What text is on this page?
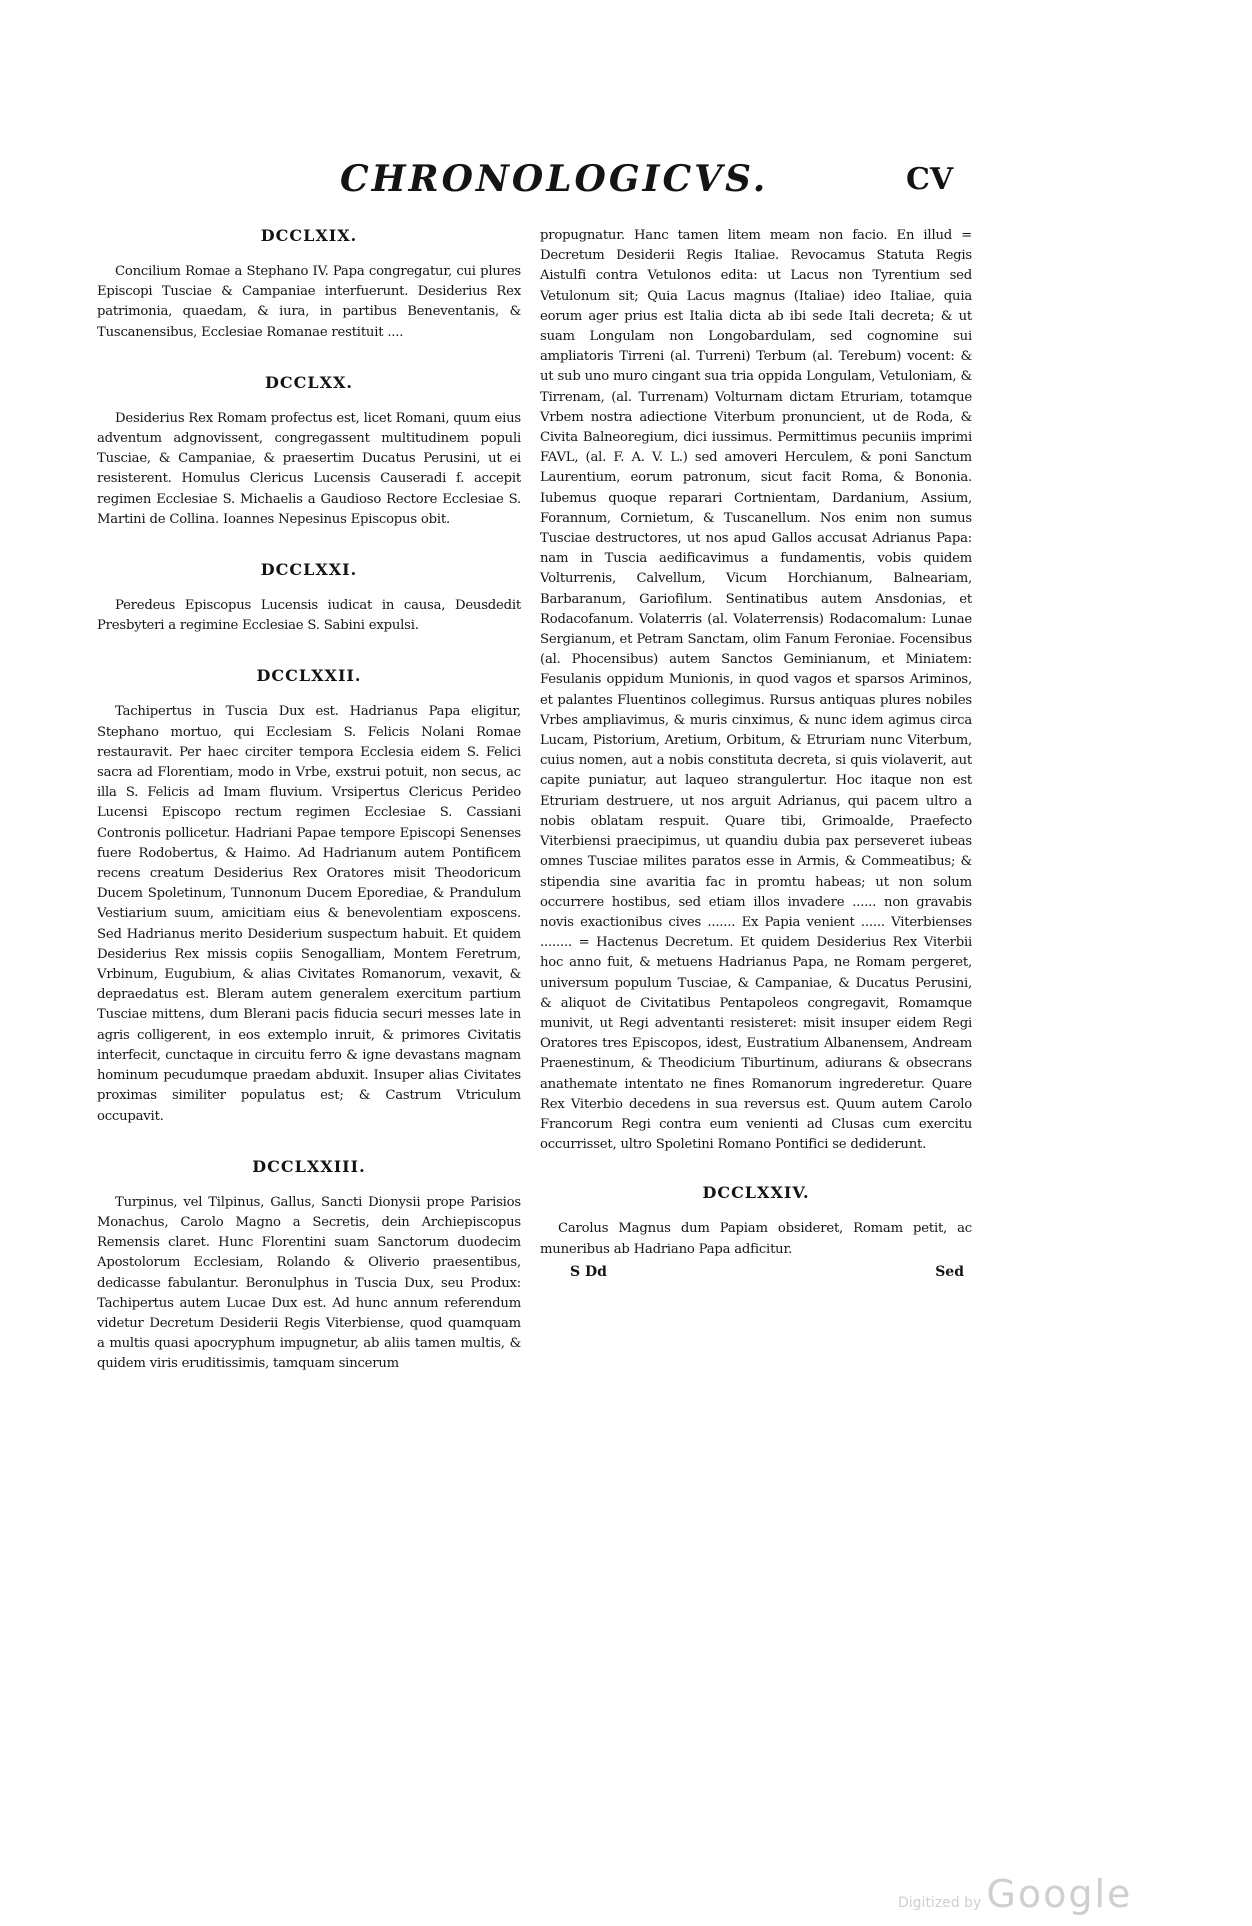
CHRONOLOGICVS.	CV
DCCLXIX.

Concilium Romae a Stephano IV. Papa congregatur, cui plures Episcopi Tusciae & Campaniae interfuerunt. Desiderius Rex patrimonia, quaedam, & iura, in partibus Beneventanis, & Tuscanensibus, Ecclesiae Romanae restituit ....

DCCLXX.

Desiderius Rex Romam profectus est, licet Romani, quum eius adventum adgnovissent, congregassent multitudinem populi Tusciae, & Campaniae, & praesertim Ducatus Perusini, ut ei resisterent. Homulus Clericus Lucensis Causeradi f. accepit regimen Ecclesiae S. Michaelis a Gaudioso Rectore Ecclesiae S. Martini de Collina. Ioannes Nepesinus Episcopus obit.

DCCLXXI.

Peredeus Episcopus Lucensis iudicat in causa, Deusdedit Presbyteri a regimine Ecclesiae S. Sabini expulsi.

DCCLXXII.

Tachipertus in Tuscia Dux est. Hadrianus Papa eligitur, Stephano mortuo, qui Ecclesiam S. Felicis Nolani Romae restauravit. Per haec circiter tempora Ecclesia eidem S. Felici sacra ad Florentiam, modo in Vrbe, exstrui potuit, non secus, ac illa S. Felicis ad Imam fluvium. Vrsipertus Clericus Perideo Lucensi Episcopo rectum regimen Ecclesiae S. Cassiani Contronis pollicetur. Hadriani Papae tempore Episcopi Senenses fuere Rodobertus, & Haimo. Ad Hadrianum autem Pontificem recens creatum Desiderius Rex Oratores misit Theodoricum Ducem Spoletinum, Tunnonum Ducem Eporediae, & Prandulum Vestiarium suum, amicitiam eius & benevolentiam exposcens. Sed Hadrianus merito Desiderium suspectum habuit. Et quidem Desiderius Rex missis copiis Senogalliam, Montem Feretrum, Vrbinum, Eugubium, & alias Civitates Romanorum, vexavit, & depraedatus est. Bleram autem generalem exercitum partium Tusciae mittens, dum Blerani pacis fiducia securi messes late in agris colligerent, in eos extemplo inruit, & primores Civitatis interfecit, cunctaque in circuitu ferro & igne devastans magnam hominum pecudumque praedam abduxit. Insuper alias Civitates proximas similiter populatus est; & Castrum Vtriculum occupavit.

DCCLXXIII.

Turpinus, vel Tilpinus, Gallus, Sancti Dionysii prope Parisios Monachus, Carolo Magno a Secretis, dein Archiepiscopus Remensis claret. Hunc Florentini suam Sanctorum duodecim Apostolorum Ecclesiam, Rolando & Oliverio praesentibus, dedicasse fabulantur. Beronulphus in Tuscia Dux, seu Produx: Tachipertus autem Lucae Dux est. Ad hunc annum referendum videtur Decretum Desiderii Regis Viterbiense, quod quamquam a multis quasi apocryphum impugnetur, ab aliis tamen multis, & quidem viris eruditissimis, tamquam sincerum

propugnatur. Hanc tamen litem meam non facio. En illud = Decretum Desiderii Regis Italiae. Revocamus Statuta Regis Aistulfi contra Vetulonos edita: ut Lacus non Tyrentium sed Vetulonum sit; Quia Lacus magnus (Italiae) ideo Italiae, quia eorum ager prius est Italia dicta ab ibi sede Itali decreta; & ut suam Longulam non Longobardulam, sed cognomine sui ampliatoris Tirreni (al. Turreni) Terbum (al. Terebum) vocent: & ut sub uno muro cingant sua tria oppida Longulam, Vetuloniam, & Tirrenam, (al. Turrenam) Volturnam dictam Etruriam, totamque Vrbem nostra adiectione Viterbum pronuncient, ut de Roda, & Civita Balneoregium, dici iussimus. Permittimus pecuniis imprimi FAVL, (al. F. A. V. L.) sed amoveri Herculem, & poni Sanctum Laurentium, eorum patronum, sicut facit Roma, & Bononia. Iubemus quoque reparari Cortnientam, Dardanium, Assium, Forannum, Cornietum, & Tuscanellum. Nos enim non sumus Tusciae destructores, ut nos apud Gallos accusat Adrianus Papa: nam in Tuscia aedificavimus a fundamentis, vobis quidem Volturrenis, Calvellum, Vicum Horchianum, Balneariam, Barbaranum, Gariofilum. Sentinatibus autem Ansdonias, et Rodacofanum. Volaterris (al. Volaterrensis) Rodacomalum: Lunae Sergianum, et Petram Sanctam, olim Fanum Feroniae. Focensibus (al. Phocensibus) autem Sanctos Geminianum, et Miniatem: Fesulanis oppidum Munionis, in quod vagos et sparsos Ariminos, et palantes Fluentinos collegimus. Rursus antiquas plures nobiles Vrbes ampliavimus, & muris cinximus, & nunc idem agimus circa Lucam, Pistorium, Aretium, Orbitum, & Etruriam nunc Viterbum, cuius nomen, aut a nobis constituta decreta, si quis violaverit, aut capite puniatur, aut laqueo strangulertur. Hoc itaque non est Etruriam destruere, ut nos arguit Adrianus, qui pacem ultro a nobis oblatam respuit. Quare tibi, Grimoalde, Praefecto Viterbiensi praecipimus, ut quandiu dubia pax perseveret iubeas omnes Tusciae milites paratos esse in Armis, & Commeatibus; & stipendia sine avaritia fac in promtu habeas; ut non solum occurrere hostibus, sed etiam illos invadere ...... non gravabis novis exactionibus cives ....... Ex Papia venient ...... Viterbienses ........ = Hactenus Decretum. Et quidem Desiderius Rex Viterbii hoc anno fuit, & metuens Hadrianus Papa, ne Romam pergeret, universum populum Tusciae, & Campaniae, & Ducatus Perusini, & aliquot de Civitatibus Pentapoleos congregavit, Romamque munivit, ut Regi adventanti resisteret: misit insuper eidem Regi Oratores tres Episcopos, idest, Eustratium Albanensem, Andream Praenestinum, & Theodicium Tiburtinum, adiurans & obsecrans anathemate intentato ne fines Romanorum ingrederetur. Quare Rex Viterbio decedens in sua reversus est. Quum autem Carolo Francorum Regi contra eum venienti ad Clusas cum exercitu occurrisset, ultro Spoletini Romano Pontifici se dediderunt.

DCCLXXIV.

Carolus Magnus dum Papiam obsideret, Romam petit, ac muneribus ab Hadriano Papa adficitur.

S Dd	Sed
Digitized by Google
